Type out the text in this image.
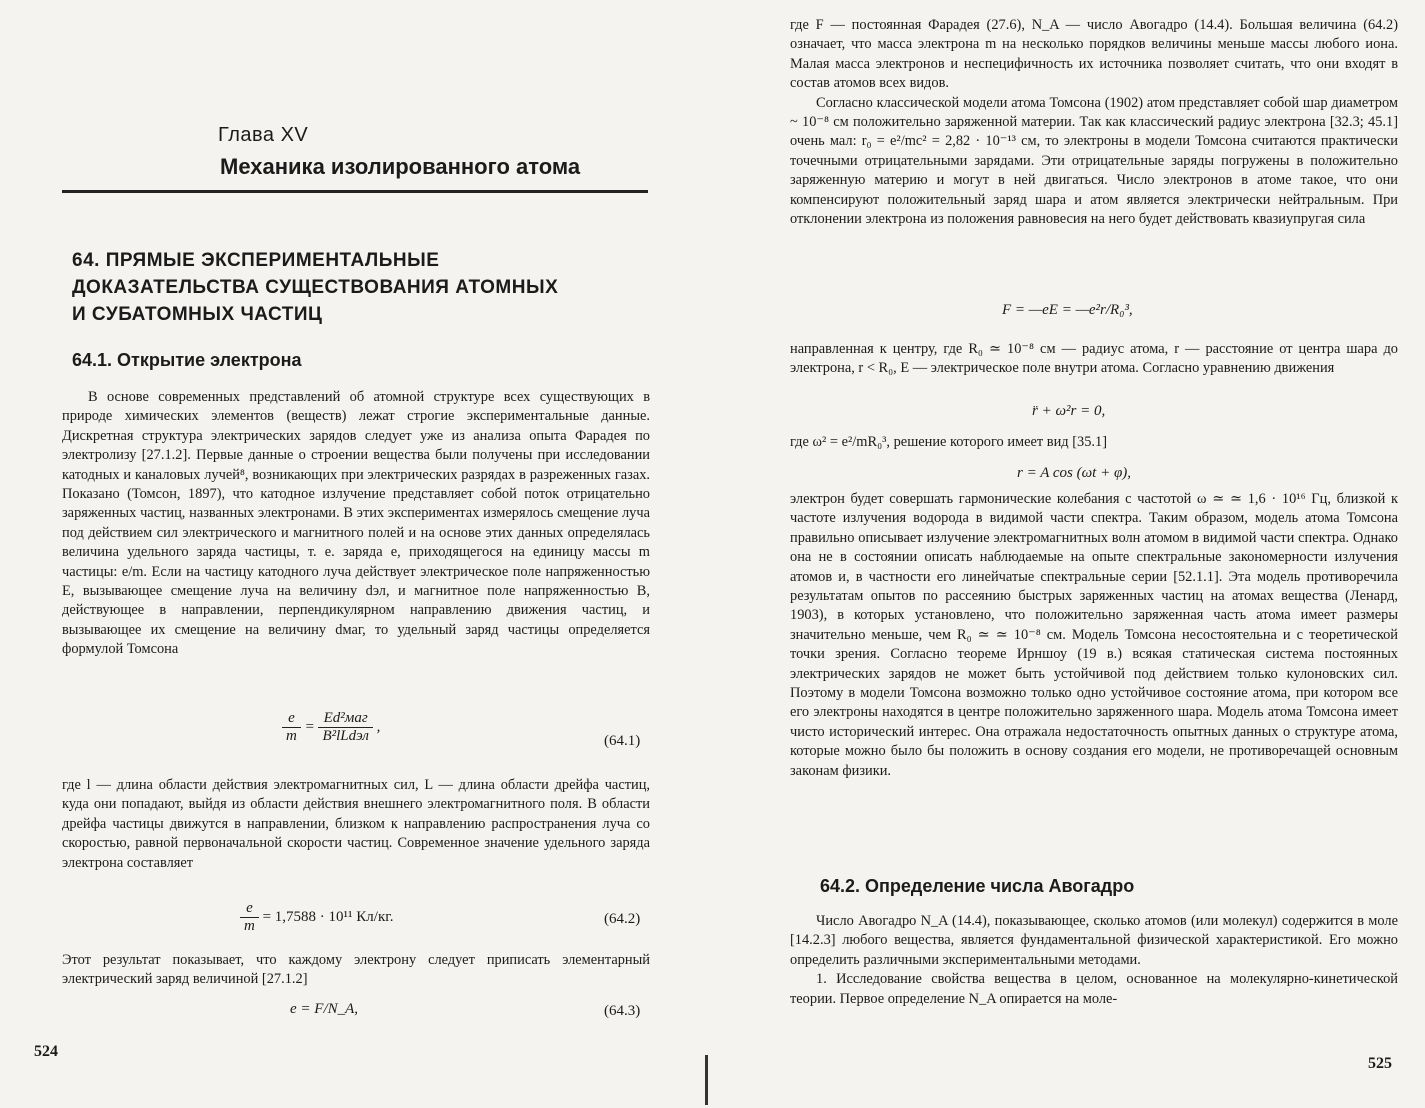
Глава XV
Механика изолированного атома
64. ПРЯМЫЕ ЭКСПЕРИМЕНТАЛЬНЫЕ
ДОКАЗАТЕЛЬСТВА СУЩЕСТВОВАНИЯ АТОМНЫХ
И СУБАТОМНЫХ ЧАСТИЦ
64.1. Открытие электрона

В основе современных представлений об атомной структуре всех существующих в природе химических элементов (веществ) лежат строгие экспериментальные данные. Дискретная структура электрических зарядов следует уже из анализа опыта Фарадея по электролизу [27.1.2]. Первые данные о строении вещества были получены при исследовании катодных и каналовых лучей⁸, возникающих при электрических разрядах в разреженных газах. Показано (Томсон, 1897), что катодное излучение представляет собой поток отрицательно заряженных частиц, названных электронами. В этих экспериментах измерялось смещение луча под действием сил электрического и магнитного полей и на основе этих данных определялась величина удельного заряда частицы, т. е. заряда e, приходящегося на единицу массы m частицы: e/m. Если на частицу катодного луча действует электрическое поле напряженностью E, вызывающее смещение луча на величину dэл, и магнитное поле напряженностью B, действующее в направлении, перпендикулярном направлению движения частиц, и вызывающее их смещение на величину dмаг, то удельный заряд частицы определяется формулой Томсона

$\frac{e}{m} = \frac{\text{Ed²маг}}{\text{B²lLdэл}}$ ,
(64.1)

где l — длина области действия электромагнитных сил, L — длина области дрейфа частиц, куда они попадают, выйдя из области действия внешнего электромагнитного поля. В области дрейфа частицы движутся в направлении, близком к направлению распространения луча со скоростью, равной первоначальной скорости частиц. Современное значение удельного заряда электрона составляет

$\frac{e}{m} = 1,7588 \cdot 10^{11}$ Кл/кг.	(64.2)

Этот результат показывает, что каждому электрону следует приписать элементарный электрический заряд величиной [27.1.2]

e = F/N_A,	(64.3)
524

где F — постоянная Фарадея (27.6), N_A — число Авогадро (14.4). Большая величина (64.2) означает, что масса электрона m на несколько порядков величины меньше массы любого иона. Малая масса электронов и неспецифичность их источника позволяет считать, что они входят в состав атомов всех видов.

Согласно классической модели атома Томсона (1902) атом представляет собой шар диаметром ~ 10⁻⁸ см положительно заряженной материи. Так как классический радиус электрона [32.3; 45.1] очень мал: r₀ = e²/mc² = 2,82 · 10⁻¹³ см, то электроны в модели Томсона считаются практически точечными отрицательными зарядами. Эти отрицательные заряды погружены в положительно заряженную материю и могут в ней двигаться. Число электронов в атоме такое, что они компенсируют положительный заряд шара и атом является электрически нейтральным. При отклонении электрона из положения равновесия на него будет действовать квазиупругая сила

F = —eE = —e²r/R₀³,

направленная к центру, где R₀ ≃ 10⁻⁸ см — радиус атома, r — расстояние от центра шара до электрона, r < R₀, E — электрическое поле внутри атома. Согласно уравнению движения

r̈ + ω²r = 0,

где ω² = e²/mR₀³, решение которого имеет вид [35.1]

r = A cos (ωt + φ),

электрон будет совершать гармонические колебания с частотой ω ≃ ≃ 1,6 · 10¹⁶ Гц, близкой к частоте излучения водорода в видимой части спектра. Таким образом, модель атома Томсона правильно описывает излучение электромагнитных волн атомом в видимой части спектра. Однако она не в состоянии описать наблюдаемые на опыте спектральные закономерности излучения атомов и, в частности его линейчатые спектральные серии [52.1.1]. Эта модель противоречила результатам опытов по рассеянию быстрых заряженных частиц на атомах вещества (Ленард, 1903), в которых установлено, что положительно заряженная часть атома имеет размеры значительно меньше, чем R₀ ≃ ≃ 10⁻⁸ см. Модель Томсона несостоятельна и с теоретической точки зрения. Согласно теореме Ирншоу (19 в.) всякая статическая система постоянных электрических зарядов не может быть устойчивой под действием только кулоновских сил. Поэтому в модели Томсона возможно только одно устойчивое состояние атома, при котором все его электроны находятся в центре положительно заряженного шара. Модель атома Томсона имеет чисто исторический интерес. Она отражала недостаточность опытных данных о структуре атома, которые можно было бы положить в основу создания его модели, не противоречащей основным законам физики.

64.2. Определение числа Авогадро

Число Авогадро N_A (14.4), показывающее, сколько атомов (или молекул) содержится в моле [14.2.3] любого вещества, является фундаментальной физической характеристикой. Его можно определить различными экспериментальными методами.

1. Исследование свойства вещества в целом, основанное на молекулярно-кинетической теории. Первое определение N_A опирается на моле-

525
